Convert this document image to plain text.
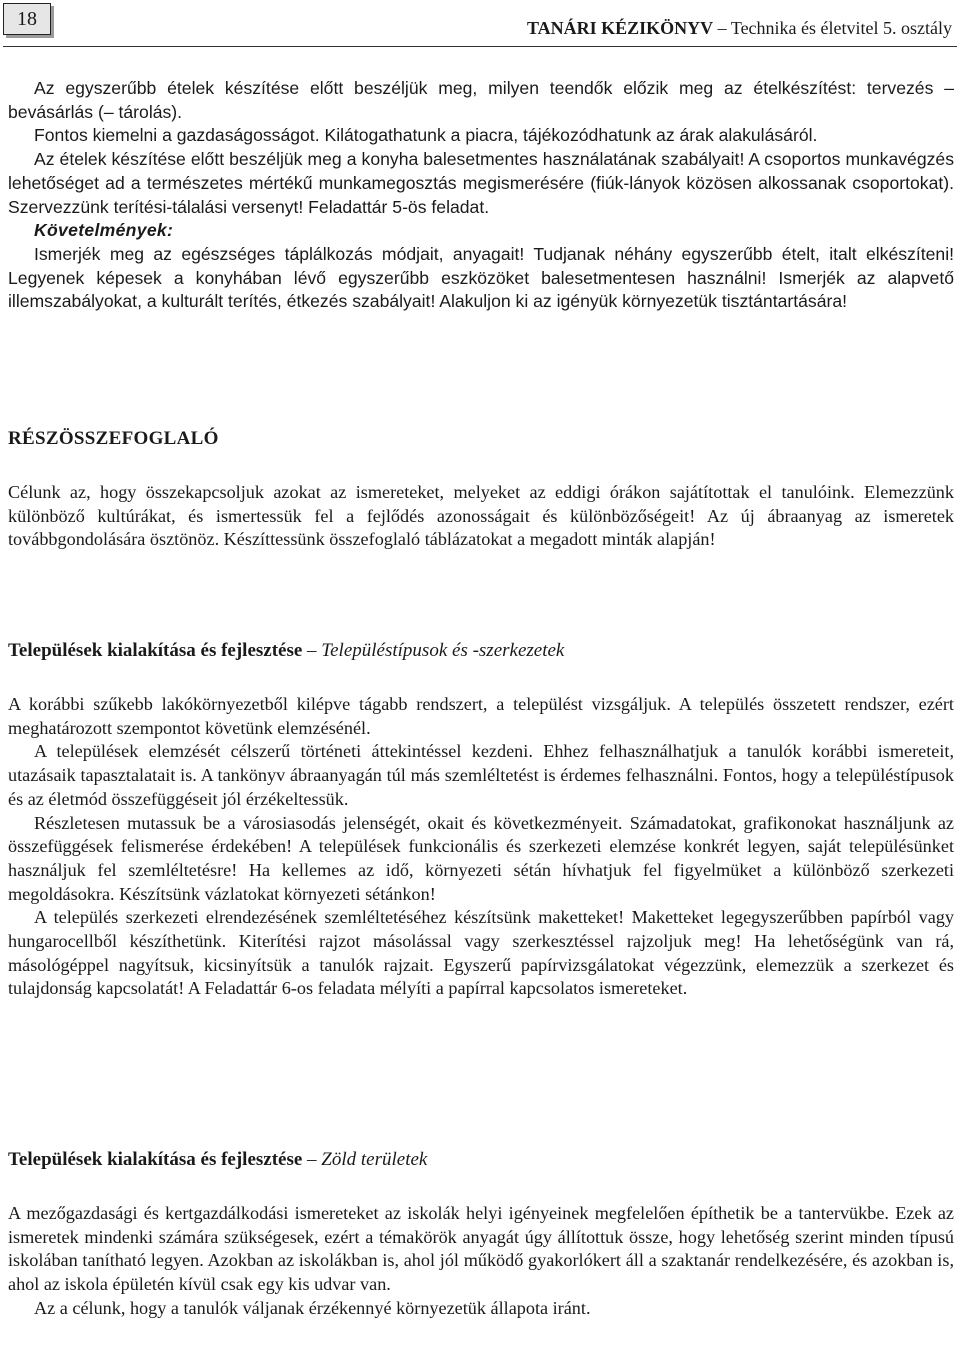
18	TANÁRI KÉZIKÖNYV – Technika és életvitel 5. osztály

Az egyszerűbb ételek készítése előtt beszéljük meg, milyen teendők előzik meg az ételkészítést: tervezés – bevásárlás (– tárolás).

Fontos kiemelni a gazdaságosságot. Kilátogathatunk a piacra, tájékozódhatunk az árak alakulásáról.

Az ételek készítése előtt beszéljük meg a konyha balesetmentes használatának szabályait! A csoportos munkavégzés lehetőséget ad a természetes mértékű munkamegosztás megismerésére (fiúk-lányok közösen alkossanak csoportokat). Szervezzünk terítési-tálalási versenyt! Feladattár 5-ös feladat.

Követelmények:

Ismerjék meg az egészséges táplálkozás módjait, anyagait! Tudjanak néhány egyszerűbb ételt, italt elkészíteni! Legyenek képesek a konyhában lévő egyszerűbb eszközöket balesetmentesen használni! Ismerjék az alapvető illemszabályokat, a kulturált terítés, étkezés szabályait! Alakuljon ki az igényük környezetük tisztántartására!

RÉSZÖSSZEFOGLALÓ

Célunk az, hogy összekapcsoljuk azokat az ismereteket, melyeket az eddigi órákon sajátítottak el tanulóink. Elemezzünk különböző kultúrákat, és ismertessük fel a fejlődés azonosságait és különbözőségeit! Az új ábraanyag az ismeretek továbbgondolására ösztönöz. Készíttessünk összefoglaló táblázatokat a megadott minták alapján!

Települések kialakítása és fejlesztése – Településtípusok és -szerkezetek

A korábbi szűkebb lakókörnyezetből kilépve tágabb rendszert, a települést vizsgáljuk. A település összetett rendszer, ezért meghatározott szempontot követünk elemzésénél.

A települések elemzését célszerű történeti áttekintéssel kezdeni. Ehhez felhasználhatjuk a tanulók korábbi ismereteit, utazásaik tapasztalatait is. A tankönyv ábraanyagán túl más szemléltetést is érdemes felhasználni. Fontos, hogy a településtípusok és az életmód összefüggéseit jól érzékeltessük.

Részletesen mutassuk be a városiasodás jelenségét, okait és következményeit. Számadatokat, grafikonokat használjunk az összefüggések felismerése érdekében! A települések funkcionális és szerkezeti elemzése konkrét legyen, saját településünket használjuk fel szemléltetésre! Ha kellemes az idő, környezeti sétán hívhatjuk fel figyelmüket a különböző szerkezeti megoldásokra. Készítsünk vázlatokat környezeti sétánkon!

A település szerkezeti elrendezésének szemléltetéséhez készítsünk maketteket! Maketteket legegyszerűbben papírból vagy hungarocellből készíthetünk. Kiterítési rajzot másolással vagy szerkesztéssel rajzoljuk meg! Ha lehetőségünk van rá, másológéppel nagyítsuk, kicsinyítsük a tanulók rajzait. Egyszerű papírvizsgálatokat végezzünk, elemezzük a szerkezet és tulajdonság kapcsolatát! A Feladattár 6-os feladata mélyíti a papírral kapcsolatos ismereteket.

Települések kialakítása és fejlesztése – Zöld területek

A mezőgazdasági és kertgazdálkodási ismereteket az iskolák helyi igényeinek megfelelően építhetik be a tantervükbe. Ezek az ismeretek mindenki számára szükségesek, ezért a témakörök anyagát úgy állítottuk össze, hogy lehetőség szerint minden típusú iskolában tanítható legyen. Azokban az iskolákban is, ahol jól működő gyakorlókert áll a szaktanár rendelkezésére, és azokban is, ahol az iskola épületén kívül csak egy kis udvar van.

Az a célunk, hogy a tanulók váljanak érzékennyé környezetük állapota iránt.
